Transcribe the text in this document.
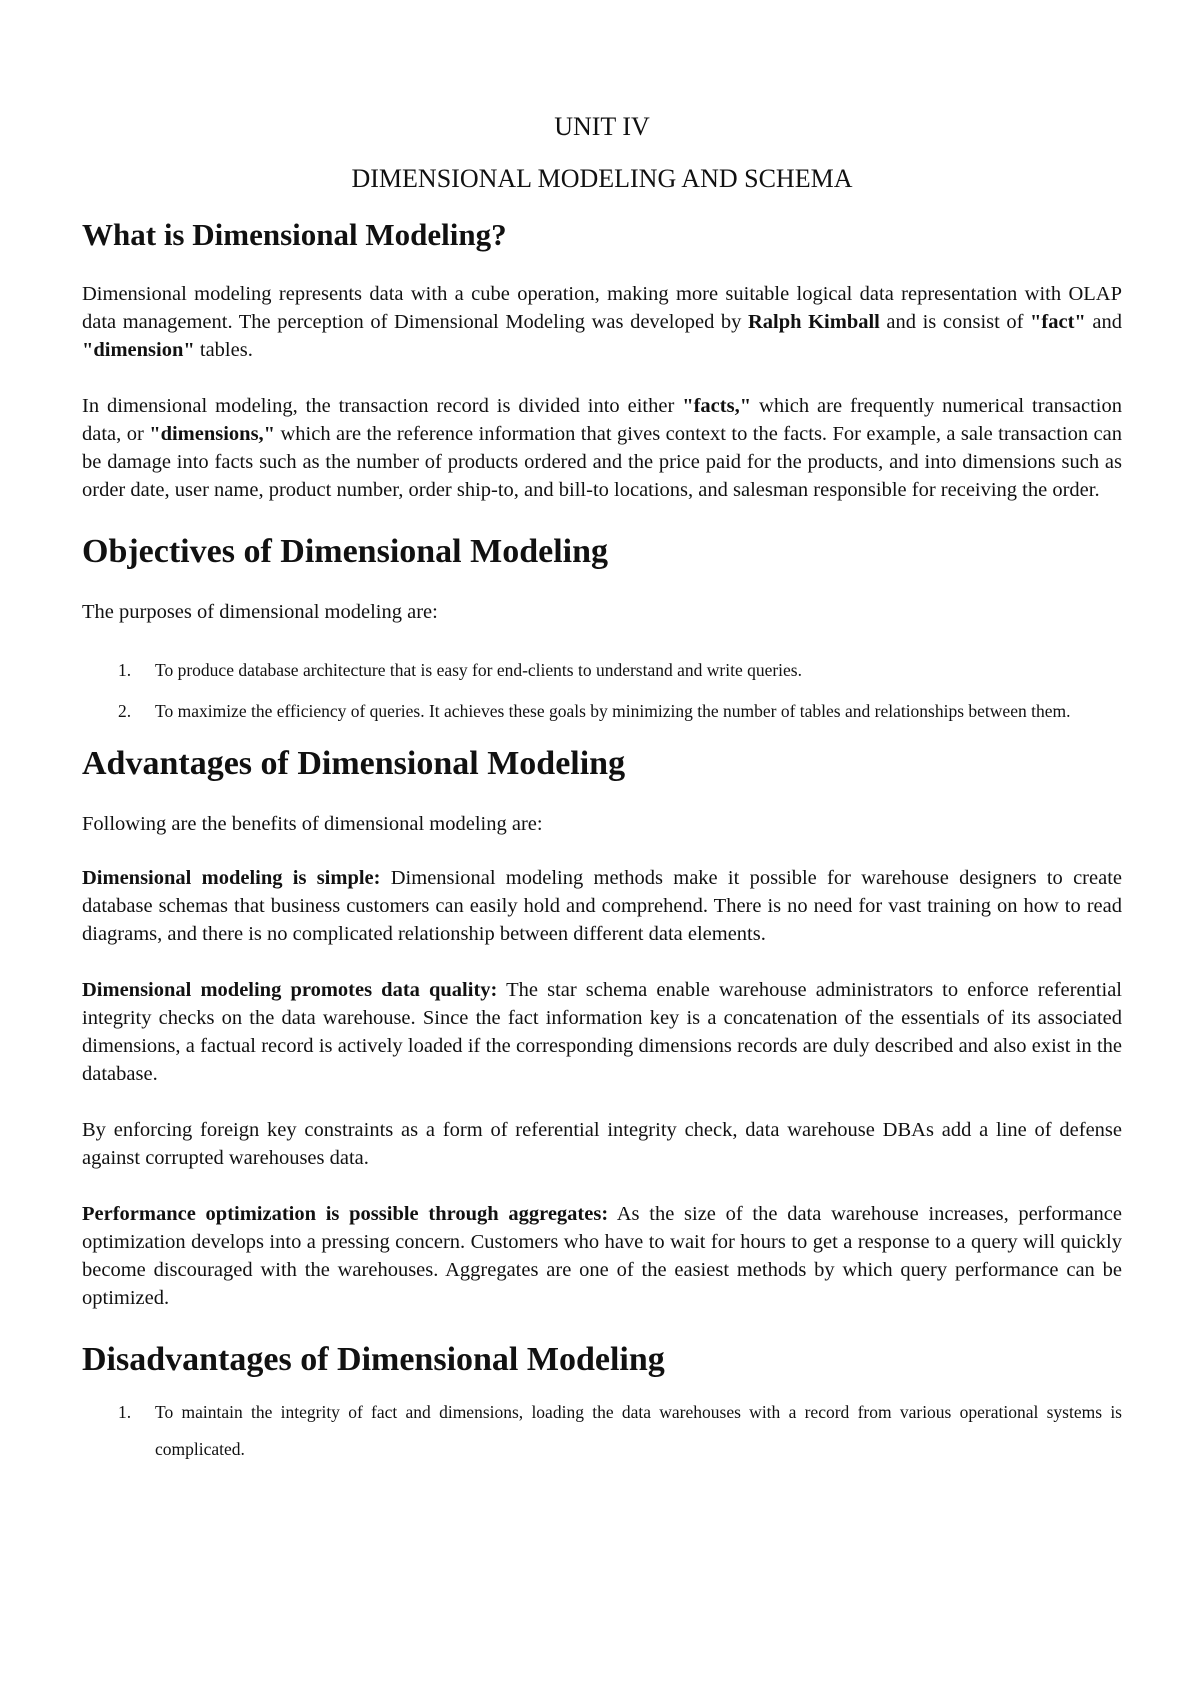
UNIT IV
DIMENSIONAL MODELING AND SCHEMA
What is Dimensional Modeling?

Dimensional modeling represents data with a cube operation, making more suitable logical data representation with OLAP data management. The perception of Dimensional Modeling was developed by Ralph Kimball and is consist of "fact" and "dimension" tables.

In dimensional modeling, the transaction record is divided into either "facts," which are frequently numerical transaction data, or "dimensions," which are the reference information that gives context to the facts. For example, a sale transaction can be damage into facts such as the number of products ordered and the price paid for the products, and into dimensions such as order date, user name, product number, order ship-to, and bill-to locations, and salesman responsible for receiving the order.

Objectives of Dimensional Modeling
The purposes of dimensional modeling are:
1. To produce database architecture that is easy for end-clients to understand and write queries.
2. To maximize the efficiency of queries. It achieves these goals by minimizing the number of tables and relationships between them.
Advantages of Dimensional Modeling
Following are the benefits of dimensional modeling are:

Dimensional modeling is simple: Dimensional modeling methods make it possible for warehouse designers to create database schemas that business customers can easily hold and comprehend. There is no need for vast training on how to read diagrams, and there is no complicated relationship between different data elements.

Dimensional modeling promotes data quality: The star schema enable warehouse administrators to enforce referential integrity checks on the data warehouse. Since the fact information key is a concatenation of the essentials of its associated dimensions, a factual record is actively loaded if the corresponding dimensions records are duly described and also exist in the database.

By enforcing foreign key constraints as a form of referential integrity check, data warehouse DBAs add a line of defense against corrupted warehouses data.

Performance optimization is possible through aggregates: As the size of the data warehouse increases, performance optimization develops into a pressing concern. Customers who have to wait for hours to get a response to a query will quickly become discouraged with the warehouses. Aggregates are one of the easiest methods by which query performance can be optimized.

Disadvantages of Dimensional Modeling
1. To maintain the integrity of fact and dimensions, loading the data warehouses with a record from various operational systems is complicated.
